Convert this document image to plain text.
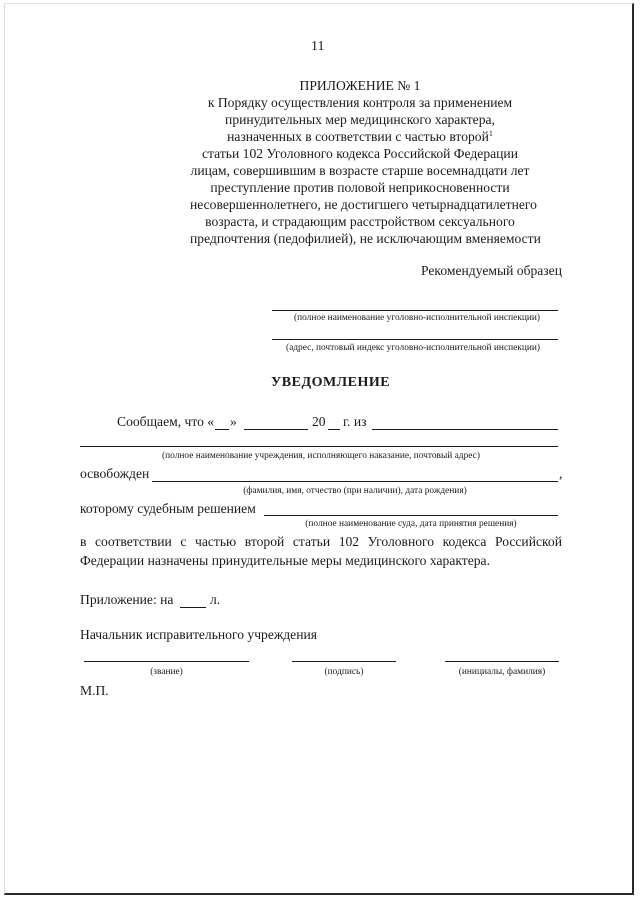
11
ПРИЛОЖЕНИЕ № 1
к Порядку осуществления контроля за применением
принудительных мер медицинского характера,
назначенных в соответствии с частью второй$^1$
статьи 102 Уголовного кодекса Российской Федерации
лицам, совершившим в возрасте старше восемнадцати лет
преступление против половой неприкосновенности
несовершеннолетнего, не достигшего четырнадцатилетнего
возраста, и страдающим расстройством сексуального
предпочтения (педофилией), не исключающим вменяемости
Рекомендуемый образец
(полное наименование уголовно-исполнительной инспекции)
(адрес, почтовый индекс уголовно-исполнительной инспекции)
УВЕДОМЛЕНИЕ
Сообщаем, что « »	20 г. из
(полное наименование учреждения, исполняющего наказание, почтовый адрес)
освобожден	,
(фамилия, имя, отчество (при наличии), дата рождения)
которому судебным решением
(полное наименование суда, дата принятия решения)
в соответствии с частью второй статьи 102 Уголовного кодекса Российской
Федерации назначены принудительные меры медицинского характера.
Приложение: на	л.
Начальник исправительного учреждения
(звание)	(подпись)	(инициалы, фамилия)
М.П.
